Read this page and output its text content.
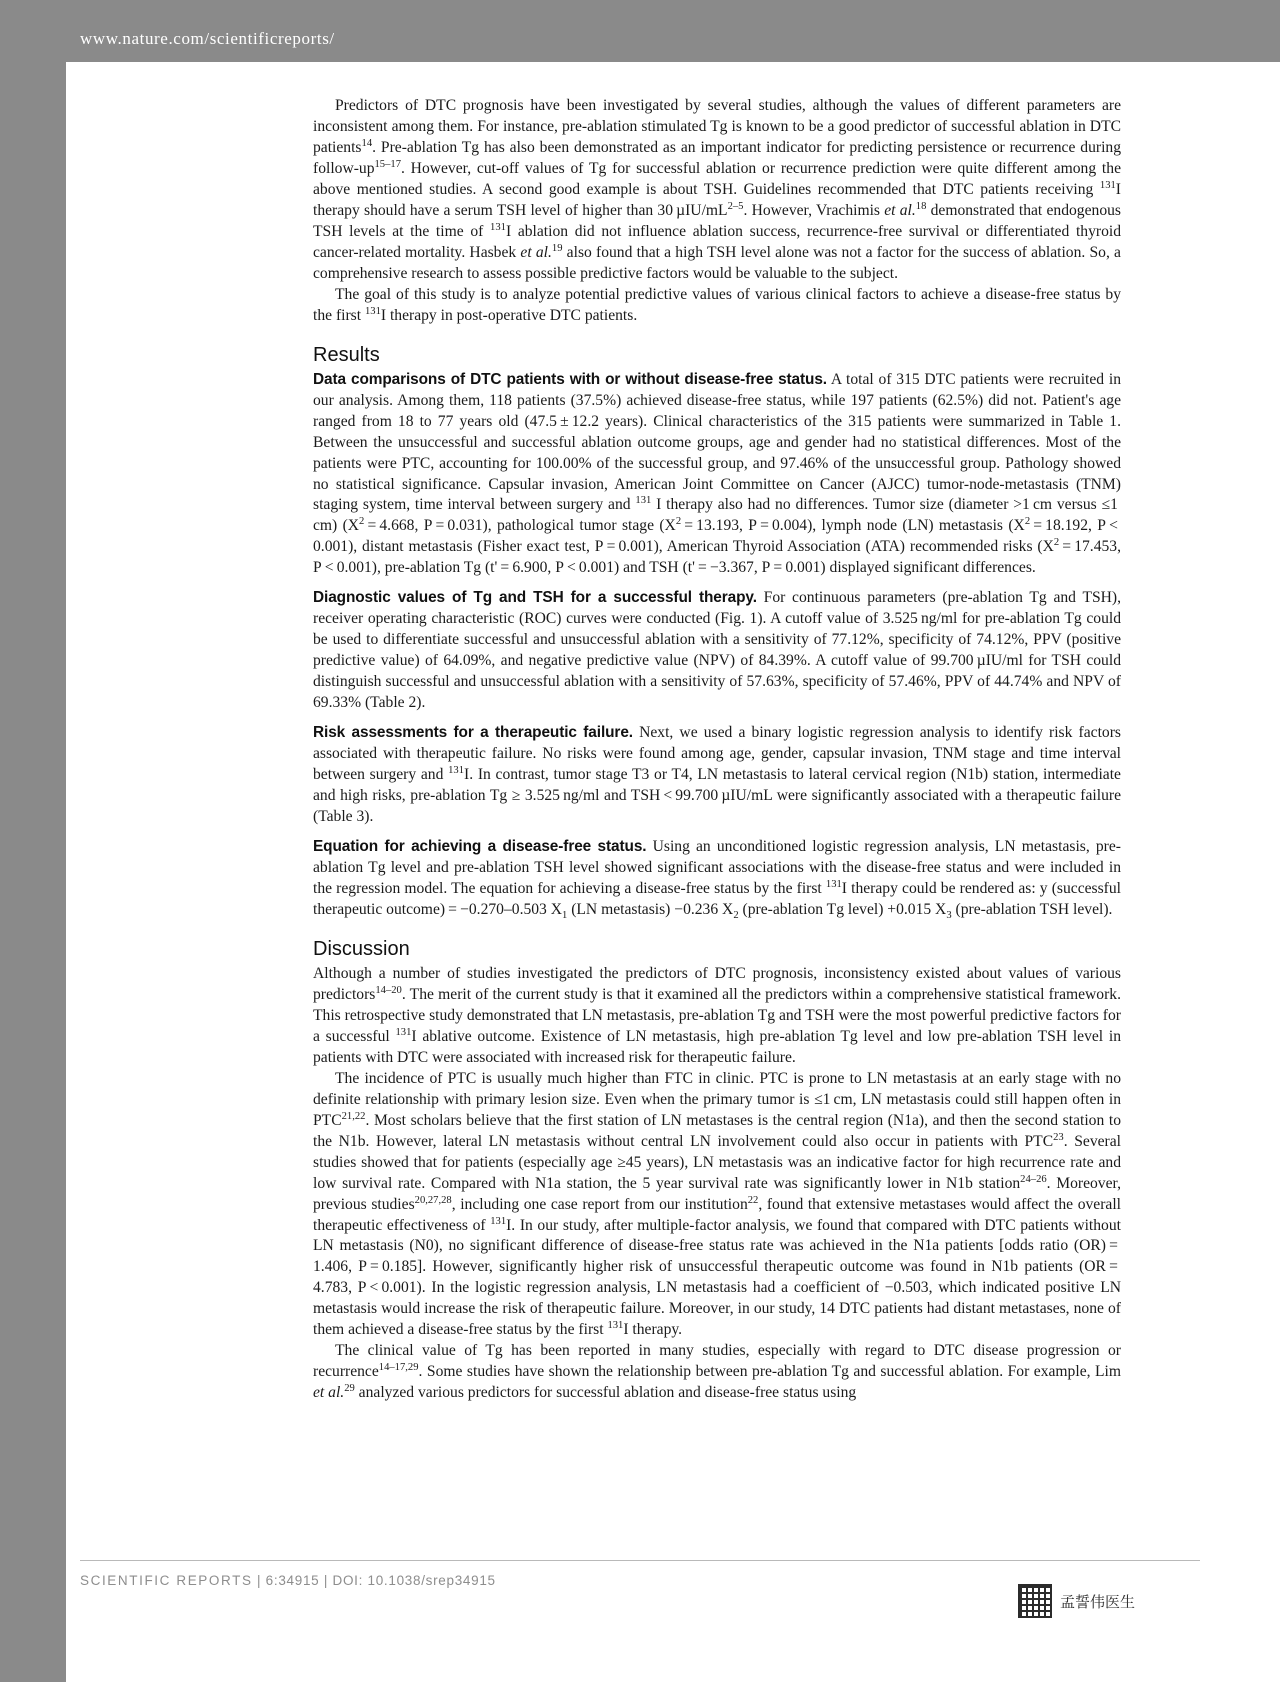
www.nature.com/scientificreports/

Predictors of DTC prognosis have been investigated by several studies, although the values of different parameters are inconsistent among them. For instance, pre-ablation stimulated Tg is known to be a good predictor of successful ablation in DTC patients$^{14}$. Pre-ablation Tg has also been demonstrated as an important indicator for predicting persistence or recurrence during follow-$up^{15-17}$. However, cut-off values of Tg for successful ablation or recurrence prediction were quite different among the above mentioned studies. A second good example is about TSH. Guidelines recommended that DTC patients receiving $^{131}$I therapy should have a serum TSH level of higher than 30 µIU/$mL^{2-5}$. However, Vrachimis et al.$^{18}$ demonstrated that endogenous TSH levels at the time of $^{131}$I ablation did not influence ablation success, recurrence-free survival or differentiated thyroid cancer-related mortality. Hasbek et al.$^{19}$ also found that a high TSH level alone was not a factor for the success of ablation. So, a comprehensive research to assess possible predictive factors would be valuable to the subject.

The goal of this study is to analyze potential predictive values of various clinical factors to achieve a disease-free status by the first $^{131}$I therapy in post-operative DTC patients.

Results

Data comparisons of DTC patients with or without disease-free status. A total of 315 DTC patients were recruited in our analysis. Among them, 118 patients (37.5%) achieved disease-free status, while 197 patients (62.5%) did not. Patient's age ranged from 18 to 77 years old (47.5 ± 12.2 years). Clinical characteristics of the 315 patients were summarized in Table 1. Between the unsuccessful and successful ablation outcome groups, age and gender had no statistical differences. Most of the patients were PTC, accounting for 100.00% of the successful group, and 97.46% of the unsuccessful group. Pathology showed no statistical significance. Capsular invasion, American Joint Committee on Cancer (AJCC) tumor-node-metastasis (TNM) staging system, time interval between surgery and $^{131}$ I therapy also had no differences. Tumor size (diameter >1 cm versus ≤1 cm) ($X^2 = 4.668$, P = 0.031), pathological tumor stage ($X^2 = 13.193$, P = 0.004), lymph node (LN) metastasis ($X^2 = 18.192$, P < 0.001), distant metastasis (Fisher exact test, P = 0.001), American Thyroid Association (ATA) recommended risks ($X^2 = 17.453$, P < 0.001), pre-ablation Tg (t' = 6.900, P < 0.001) and TSH (t' = −3.367, P = 0.001) displayed significant differences.

Diagnostic values of Tg and TSH for a successful therapy. For continuous parameters (pre-ablation Tg and TSH), receiver operating characteristic (ROC) curves were conducted (Fig. 1). A cutoff value of 3.525 ng/ml for pre-ablation Tg could be used to differentiate successful and unsuccessful ablation with a sensitivity of 77.12%, specificity of 74.12%, PPV (positive predictive value) of 64.09%, and negative predictive value (NPV) of 84.39%. A cutoff value of 99.700 µIU/ml for TSH could distinguish successful and unsuccessful ablation with a sensitivity of 57.63%, specificity of 57.46%, PPV of 44.74% and NPV of 69.33% (Table 2).

Risk assessments for a therapeutic failure. Next, we used a binary logistic regression analysis to identify risk factors associated with therapeutic failure. No risks were found among age, gender, capsular invasion, TNM stage and time interval between surgery and $^{131}$I. In contrast, tumor stage T3 or T4, LN metastasis to lateral cervical region (N1b) station, intermediate and high risks, pre-ablation Tg ≥ 3.525 ng/ml and TSH < 99.700 µIU/mL were significantly associated with a therapeutic failure (Table 3).

Equation for achieving a disease-free status. Using an unconditioned logistic regression analysis, LN metastasis, pre-ablation Tg level and pre-ablation TSH level showed significant associations with the disease-free status and were included in the regression model. The equation for achieving a disease-free status by the first $^{131}$I therapy could be rendered as: y (successful therapeutic outcome) = −0.270–0.503 $X_1$ (LN metastasis) −0.236 $X_2$ (pre-ablation Tg level) +0.015 $X_3$ (pre-ablation TSH level).

Discussion

Although a number of studies investigated the predictors of DTC prognosis, inconsistency existed about values of various predictors$^{14-20}$. The merit of the current study is that it examined all the predictors within a comprehensive statistical framework. This retrospective study demonstrated that LN metastasis, pre-ablation Tg and TSH were the most powerful predictive factors for a successful $^{131}$I ablative outcome. Existence of LN metastasis, high pre-ablation Tg level and low pre-ablation TSH level in patients with DTC were associated with increased risk for therapeutic failure.

The incidence of PTC is usually much higher than FTC in clinic. PTC is prone to LN metastasis at an early stage with no definite relationship with primary lesion size. Even when the primary tumor is ≤1 cm, LN metastasis could still happen often in PTC$^{21,22}$. Most scholars believe that the first station of LN metastases is the central region (N1a), and then the second station to the N1b. However, lateral LN metastasis without central LN involvement could also occur in patients with PTC$^{23}$. Several studies showed that for patients (especially age ≥45 years), LN metastasis was an indicative factor for high recurrence rate and low survival rate. Compared with N1a station, the 5 year survival rate was significantly lower in N1b station$^{24-26}$. Moreover, previous studies$^{20,27,28}$, including one case report from our institution$^{22}$, found that extensive metastases would affect the overall therapeutic effectiveness of $^{131}$I. In our study, after multiple-factor analysis, we found that compared with DTC patients without LN metastasis (N0), no significant difference of disease-free status rate was achieved in the N1a patients [odds ratio (OR) = 1.406, P = 0.185]. However, significantly higher risk of unsuccessful therapeutic outcome was found in N1b patients (OR = 4.783, P < 0.001). In the logistic regression analysis, LN metastasis had a coefficient of −0.503, which indicated positive LN metastasis would increase the risk of therapeutic failure. Moreover, in our study, 14 DTC patients had distant metastases, none of them achieved a disease-free status by the first $^{131}$I therapy.

The clinical value of Tg has been reported in many studies, especially with regard to DTC disease progression or recurrence$^{14-17,29}$. Some studies have shown the relationship between pre-ablation Tg and successful ablation. For example, Lim et al.$^{29}$ analyzed various predictors for successful ablation and disease-free status using

SCIENTIFIC REPORTS | 6:34915 | DOI: 10.1038/srep34915
孟誓伟医生
